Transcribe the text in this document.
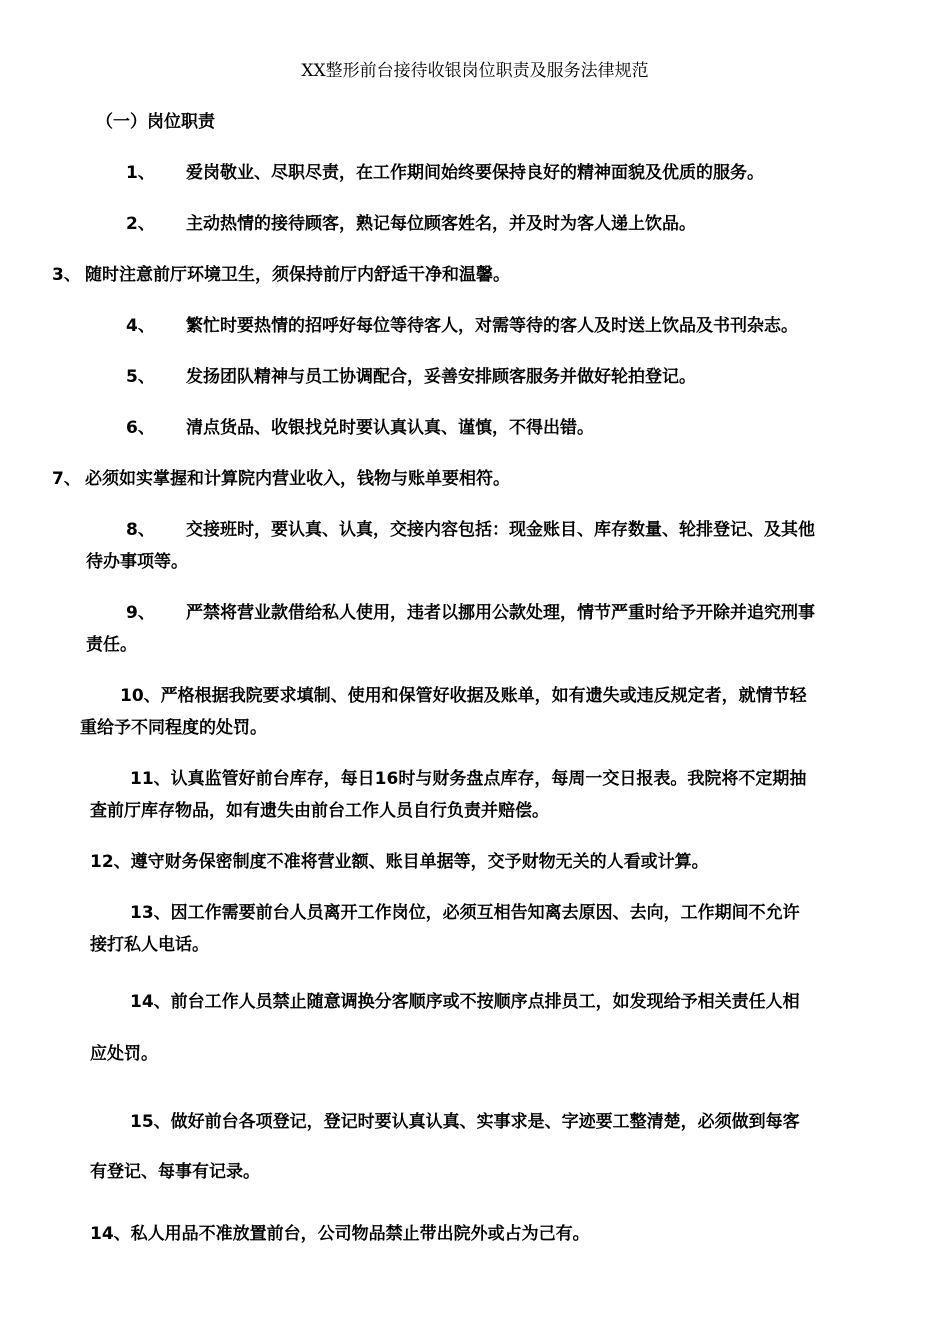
XX整形前台接待收银岗位职责及服务法律规范
（一）岗位职责
1、 爱岗敬业、尽职尽责，在工作期间始终要保持良好的精神面貌及优质的服务。
2、 主动热情的接待顾客，熟记每位顾客姓名，并及时为客人递上饮品。
3、 随时注意前厅环境卫生，须保持前厅内舒适干净和温馨。
4、 繁忙时要热情的招呼好每位等待客人，对需等待的客人及时送上饮品及书刊杂志。
5、 发扬团队精神与员工协调配合，妥善安排顾客服务并做好轮拍登记。
6、 清点货品、收银找兑时要认真认真、谨慎，不得出错。
7、 必须如实掌握和计算院内营业收入，钱物与账单要相符。
8、 交接班时，要认真、认真，交接内容包括：现金账目、库存数量、轮排登记、及其他
待办事项等。
9、 严禁将营业款借给私人使用，违者以挪用公款处理，情节严重时给予开除并追究刑事
责任。
10、严格根据我院要求填制、使用和保管好收据及账单，如有遗失或违反规定者，就情节轻
重给予不同程度的处罚。
11、认真监管好前台库存，每日16时与财务盘点库存，每周一交日报表。我院将不定期抽
查前厅库存物品，如有遗失由前台工作人员自行负责并赔偿。
12、遵守财务保密制度不准将营业额、账目单据等，交予财物无关的人看或计算。
13、因工作需要前台人员离开工作岗位，必须互相告知离去原因、去向，工作期间不允许
接打私人电话。
14、前台工作人员禁止随意调换分客顺序或不按顺序点排员工，如发现给予相关责任人相
应处罚。
15、做好前台各项登记，登记时要认真认真、实事求是、字迹要工整清楚，必须做到每客
有登记、每事有记录。
14、私人用品不准放置前台，公司物品禁止带出院外或占为己有。
